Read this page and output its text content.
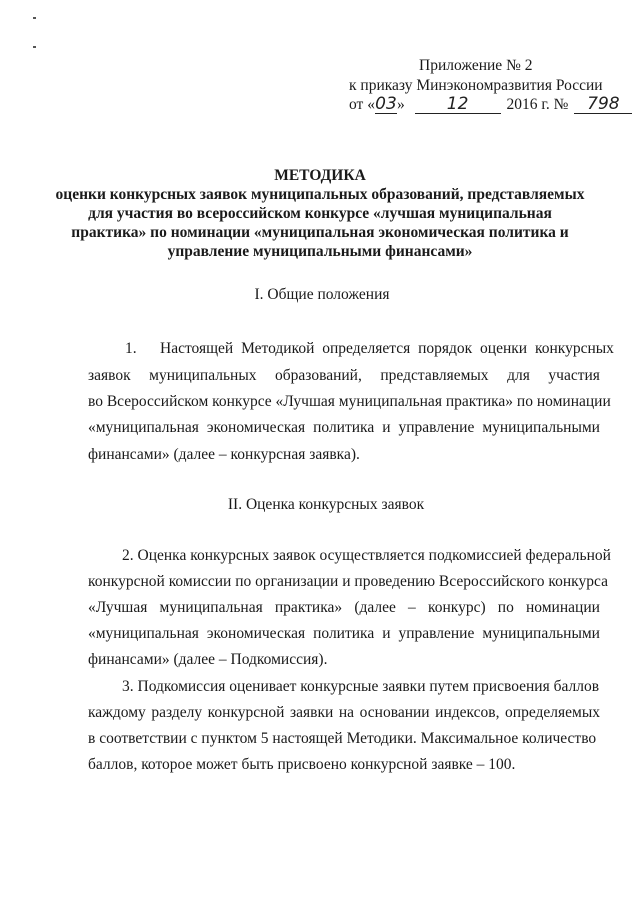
Приложение № 2
к приказу Минэкономразвития России
от «03» 12 2016 г. № 798
МЕТОДИКА
оценки конкурсных заявок муниципальных образований, представляемых
для участия во всероссийском конкурсе «лучшая муниципальная
практика» по номинации «муниципальная экономическая политика и
управление муниципальными финансами»
I. Общие положения
1. Настоящей Методикой определяется порядок оценки конкурсных
заявок муниципальных образований, представляемых для участия
во Всероссийском конкурсе «Лучшая муниципальная практика» по номинации
«муниципальная экономическая политика и управление муниципальными
финансами» (далее – конкурсная заявка).
II. Оценка конкурсных заявок
2. Оценка конкурсных заявок осуществляется подкомиссией федеральной
конкурсной комиссии по организации и проведению Всероссийского конкурса
«Лучшая муниципальная практика» (далее – конкурс) по номинации
«муниципальная экономическая политика и управление муниципальными
финансами» (далее – Подкомиссия).
3. Подкомиссия оценивает конкурсные заявки путем присвоения баллов
каждому разделу конкурсной заявки на основании индексов, определяемых
в соответствии с пунктом 5 настоящей Методики. Максимальное количество
баллов, которое может быть присвоено конкурсной заявке – 100.
